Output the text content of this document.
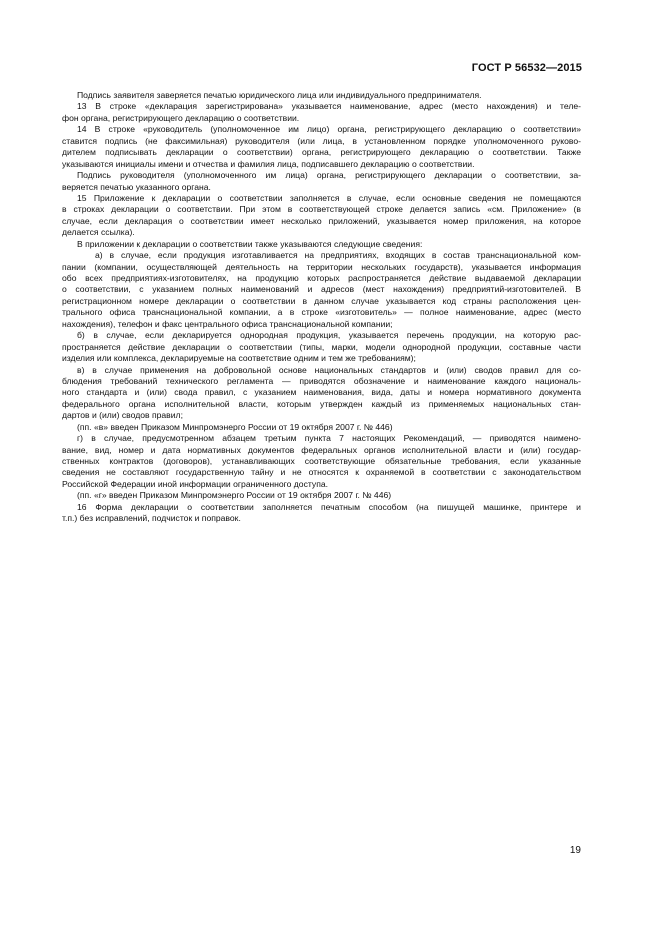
ГОСТ Р 56532—2015
Подпись заявителя заверяется печатью юридического лица или индивидуального предпринимателя.
13 В строке «декларация зарегистрирована» указывается наименование, адрес (место нахождения) и теле-
фон органа, регистрирующего декларацию о соответствии.
14 В строке «руководитель (уполномоченное им лицо) органа, регистрирующего декларацию о соответствии»
ставится подпись (не факсимильная) руководителя (или лица, в установленном порядке уполномоченного руково-
дителем подписывать декларации о соответствии) органа, регистрирующего декларацию о соответствии. Также
указываются инициалы имени и отчества и фамилия лица, подписавшего декларацию о соответствии.
Подпись руководителя (уполномоченного им лица) органа, регистрирующего декларации о соответствии, за-
веряется печатью указанного органа.
15 Приложение к декларации о соответствии заполняется в случае, если основные сведения не помещаются
в строках декларации о соответствии. При этом в соответствующей строке делается запись «см. Приложение» (в
случае, если декларация о соответствии имеет несколько приложений, указывается номер приложения, на которое
делается ссылка).
В приложении к декларации о соответствии также указываются следующие сведения:
а) в случае, если продукция изготавливается на предприятиях, входящих в состав транснациональной ком-
пании (компании, осуществляющей деятельность на территории нескольких государств), указывается информация
обо всех предприятиях-изготовителях, на продукцию которых распространяется действие выдаваемой декларации
о соответствии, с указанием полных наименований и адресов (мест нахождения) предприятий-изготовителей. В
регистрационном номере декларации о соответствии в данном случае указывается код страны расположения цен-
трального офиса транснациональной компании, а в строке «изготовитель» — полное наименование, адрес (место
нахождения), телефон и факс центрального офиса транснациональной компании;
б) в случае, если декларируется однородная продукция, указывается перечень продукции, на которую рас-
пространяется действие декларации о соответствии (типы, марки, модели однородной продукции, составные части
изделия или комплекса, декларируемые на соответствие одним и тем же требованиям);
в) в случае применения на добровольной основе национальных стандартов и (или) сводов правил для со-
блюдения требований технического регламента — приводятся обозначение и наименование каждого националь-
ного стандарта и (или) свода правил, с указанием наименования, вида, даты и номера нормативного документа
федерального органа исполнительной власти, которым утвержден каждый из применяемых национальных стан-
дартов и (или) сводов правил;
(пп. «в» введен Приказом Минпромэнерго России от 19 октября 2007 г. № 446)
г) в случае, предусмотренном абзацем третьим пункта 7 настоящих Рекомендаций, — приводятся наимено-
вание, вид, номер и дата нормативных документов федеральных органов исполнительной власти и (или) государ-
ственных контрактов (договоров), устанавливающих соответствующие обязательные требования, если указанные
сведения не составляют государственную тайну и не относятся к охраняемой в соответствии с законодательством
Российской Федерации иной информации ограниченного доступа.
(пп. «г» введен Приказом Минпромэнерго России от 19 октября 2007 г. № 446)
16 Форма декларации о соответствии заполняется печатным способом (на пишущей машинке, принтере и
т.п.) без исправлений, подчисток и поправок.
19
